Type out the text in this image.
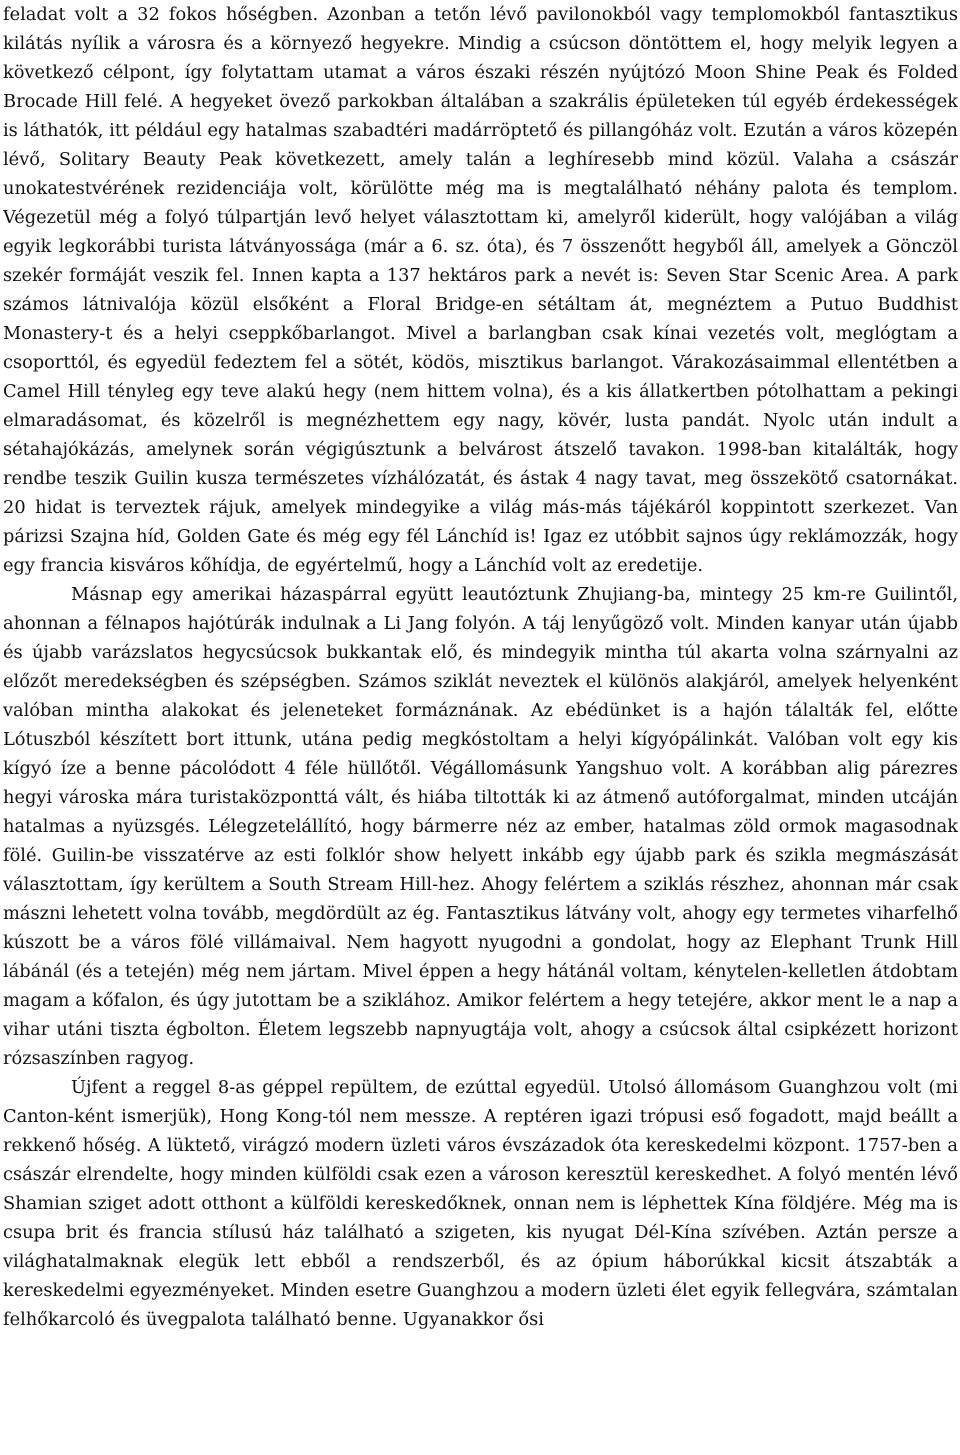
feladat volt a 32 fokos hőségben. Azonban a tetőn lévő pavilonokból vagy templomokból fantasztikus kilátás nyílik a városra és a környező hegyekre. Mindig a csúcson döntöttem el, hogy melyik legyen a következő célpont, így folytattam utamat a város északi részén nyújtózó Moon Shine Peak és Folded Brocade Hill felé. A hegyeket övező parkokban általában a szakrális épületeken túl egyéb érdekességek is láthatók, itt például egy hatalmas szabadtéri madárröptető és pillangóház volt. Ezután a város közepén lévő, Solitary Beauty Peak következett, amely talán a leghíresebb mind közül. Valaha a császár unokatestvérének rezidenciája volt, körülötte még ma is megtalálható néhány palota és templom. Végezetül még a folyó túlpartján levő helyet választottam ki, amelyről kiderült, hogy valójában a világ egyik legkorábbi turista látványossága (már a 6. sz. óta), és 7 összenőtt hegyből áll, amelyek a Gönczöl szekér formáját veszik fel. Innen kapta a 137 hektáros park a nevét is: Seven Star Scenic Area. A park számos látnivalója közül elsőként a Floral Bridge-en sétáltam át, megnéztem a Putuo Buddhist Monastery-t és a helyi cseppkőbarlangot. Mivel a barlangban csak kínai vezetés volt, meglógtam a csoporttól, és egyedül fedeztem fel a sötét, ködös, misztikus barlangot. Várakozásaimmal ellentétben a Camel Hill tényleg egy teve alakú hegy (nem hittem volna), és a kis állatkertben pótolhattam a pekingi elmaradásomat, és közelről is megnézhettem egy nagy, kövér, lusta pandát. Nyolc után indult a sétahajókázás, amelynek során végigúsztunk a belvárost átszelő tavakon. 1998-ban kitalálták, hogy rendbe teszik Guilin kusza természetes vízhálózatát, és ástak 4 nagy tavat, meg összekötő csatornákat. 20 hidat is terveztek rájuk, amelyek mindegyike a világ más-más tájékáról koppintott szerkezet. Van párizsi Szajna híd, Golden Gate és még egy fél Lánchíd is! Igaz ez utóbbit sajnos úgy reklámozzák, hogy egy francia kisváros kőhídja, de egyértelmű, hogy a Lánchíd volt az eredetije.

Másnap egy amerikai házaspárral együtt leautóztunk Zhujiang-ba, mintegy 25 km-re Guilintől, ahonnan a félnapos hajótúrák indulnak a Li Jang folyón. A táj lenyűgöző volt. Minden kanyar után újabb és újabb varázslatos hegycsúcsok bukkantak elő, és mindegyik mintha túl akarta volna szárnyalni az előzőt meredekségben és szépségben. Számos sziklát neveztek el különös alakjáról, amelyek helyenként valóban mintha alakokat és jeleneteket formáznának. Az ebédünket is a hajón tálalták fel, előtte Lótuszból készített bort ittunk, utána pedig megkóstoltam a helyi kígyópálinkát. Valóban volt egy kis kígyó íze a benne pácolódott 4 féle hüllőtől. Végállomásunk Yangshuo volt. A korábban alig párezres hegyi városka mára turistaközponttá vált, és hiába tiltották ki az átmenő autóforgalmat, minden utcáján hatalmas a nyüzsgés. Lélegzetelállító, hogy bármerre néz az ember, hatalmas zöld ormok magasodnak fölé. Guilin-be visszatérve az esti folklór show helyett inkább egy újabb park és szikla megmászását választottam, így kerültem a South Stream Hill-hez. Ahogy felértem a sziklás részhez, ahonnan már csak mászni lehetett volna tovább, megdördült az ég. Fantasztikus látvány volt, ahogy egy termetes viharfelhő kúszott be a város fölé villámaival. Nem hagyott nyugodni a gondolat, hogy az Elephant Trunk Hill lábánál (és a tetején) még nem jártam. Mivel éppen a hegy hátánál voltam, kénytelen-kelletlen átdobtam magam a kőfalon, és úgy jutottam be a sziklához. Amikor felértem a hegy tetejére, akkor ment le a nap a vihar utáni tiszta égbolton. Életem legszebb napnyugtája volt, ahogy a csúcsok által csipkézett horizont rózsaszínben ragyog.

Újfent a reggel 8-as géppel repültem, de ezúttal egyedül. Utolsó állomásom Guanghzou volt (mi Canton-ként ismerjük), Hong Kong-tól nem messze. A reptéren igazi trópusi eső fogadott, majd beállt a rekkenő hőség. A lüktető, virágzó modern üzleti város évszázadok óta kereskedelmi központ. 1757-ben a császár elrendelte, hogy minden külföldi csak ezen a városon keresztül kereskedhet. A folyó mentén lévő Shamian sziget adott otthont a külföldi kereskedőknek, onnan nem is léphettek Kína földjére. Még ma is csupa brit és francia stílusú ház található a szigeten, kis nyugat Dél-Kína szívében. Aztán persze a világhatalmaknak elegük lett ebből a rendszerből, és az ópium háborúkkal kicsit átszabták a kereskedelmi egyezményeket. Minden esetre Guanghzou a modern üzleti élet egyik fellegvára, számtalan felhőkarcoló és üvegpalota található benne. Ugyanakkor ősi
